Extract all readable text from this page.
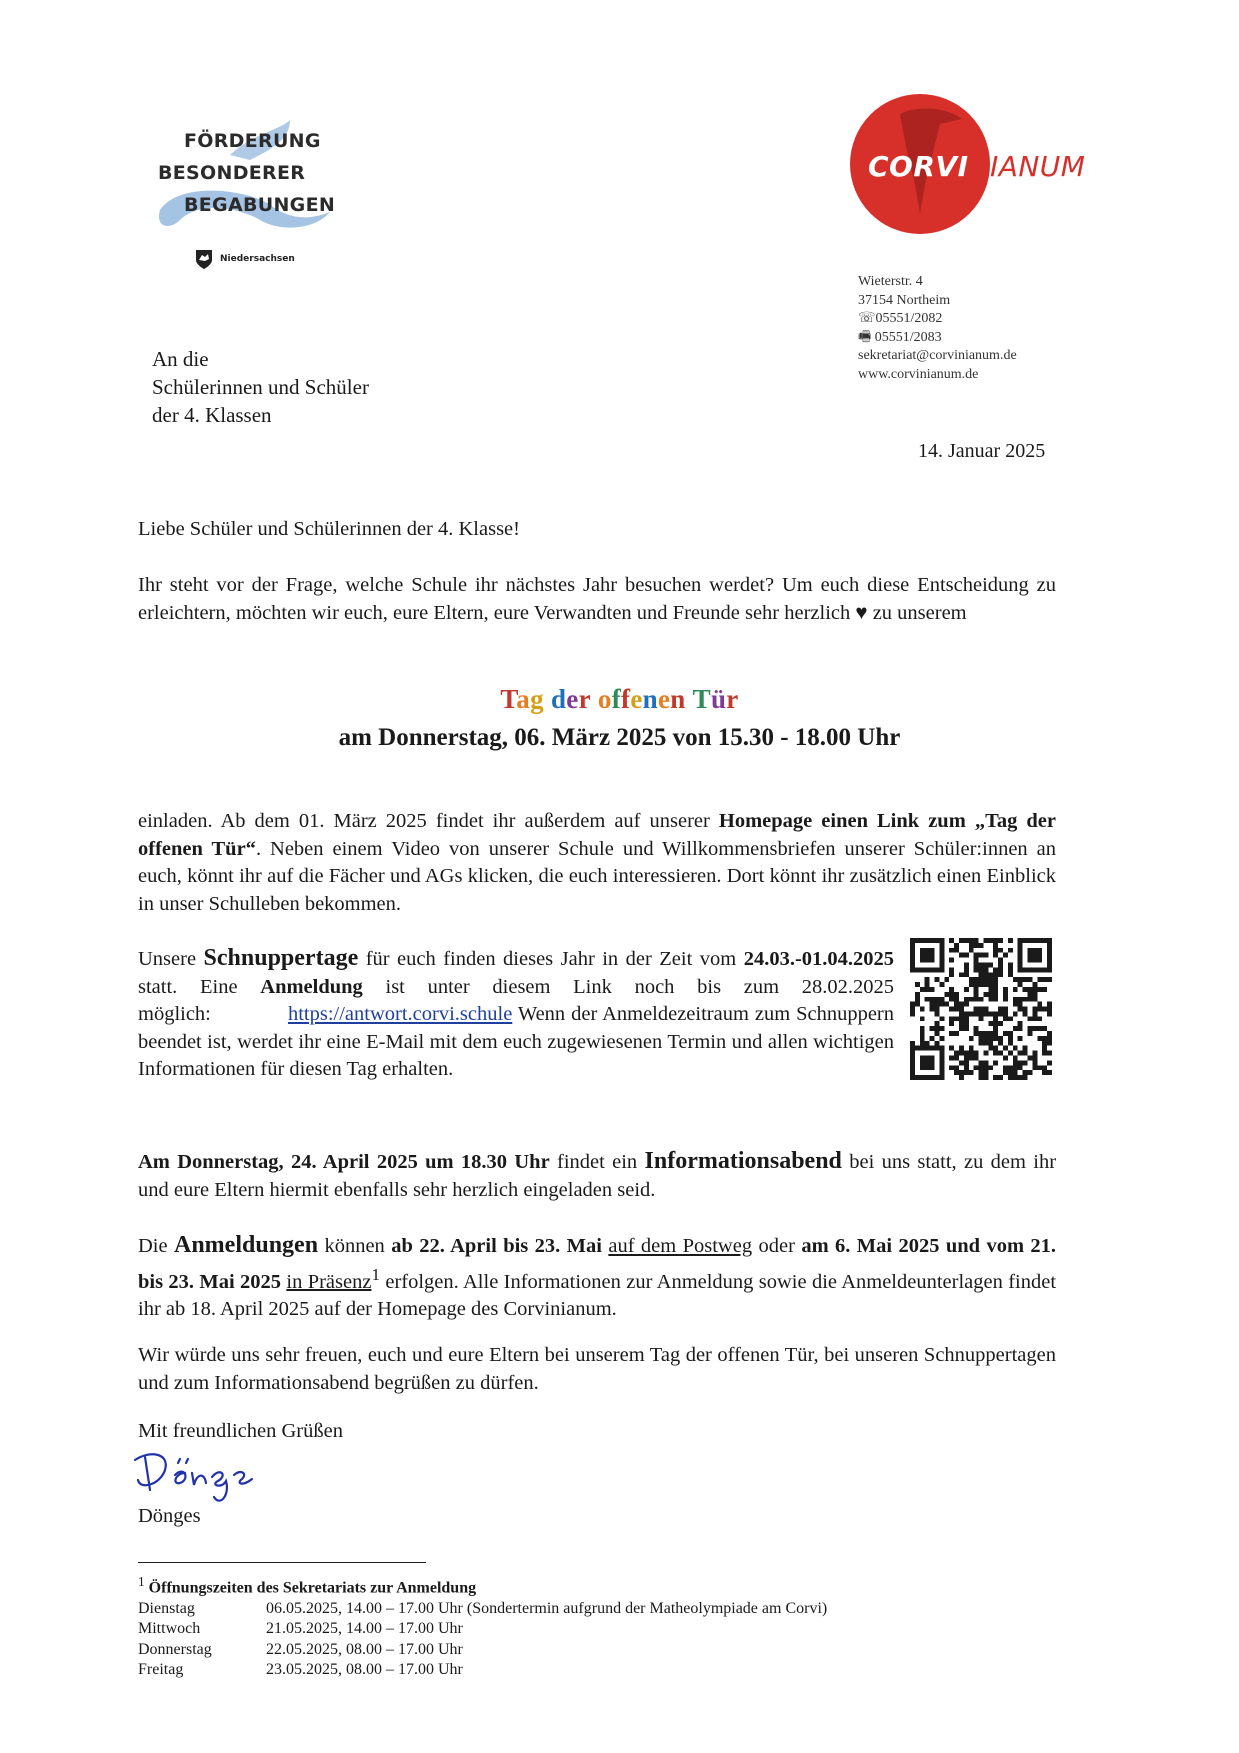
FÖRDERUNG
BESONDERER
BEGABUNGEN
Niedersachsen
CORVINIANUM
Wieterstr. 4
37154 Northeim
☏05551/2082
🖷 05551/2083
sekretariat@corvinianum.de
www.corvinianum.de
An die
Schülerinnen und Schüler
der 4. Klassen
14. Januar 2025
Liebe Schüler und Schülerinnen der 4. Klasse!
Ihr steht vor der Frage, welche Schule ihr nächstes Jahr besuchen werdet? Um euch diese Entscheidung zu erleichtern, möchten wir euch, eure Eltern, eure Verwandten und Freunde sehr herzlich ♥ zu unserem
Tag der offenen Tür
am Donnerstag, 06. März 2025 von 15.30 - 18.00 Uhr
einladen. Ab dem 01. März 2025 findet ihr außerdem auf unserer Homepage einen Link zum „Tag der offenen Tür“. Neben einem Video von unserer Schule und Willkommensbriefen unserer Schüler:innen an euch, könnt ihr auf die Fächer und AGs klicken, die euch interessieren. Dort könnt ihr zusätzlich einen Einblick in unser Schulleben bekommen.
Unsere Schnuppertage für euch finden dieses Jahr in der Zeit vom 24.03.-01.04.2025 statt. Eine Anmeldung ist unter diesem Link noch bis zum 28.02.2025 möglich:	https://antwort.corvi.schule Wenn der Anmeldezeitraum zum Schnuppern beendet ist, werdet ihr eine E-Mail mit dem euch zugewiesenen Termin und allen wichtigen Informationen für diesen Tag erhalten.
Am Donnerstag, 24. April 2025 um 18.30 Uhr findet ein Informationsabend bei uns statt, zu dem ihr und eure Eltern hiermit ebenfalls sehr herzlich eingeladen seid.
Die Anmeldungen können ab 22. April bis 23. Mai auf dem Postweg oder am 6. Mai 2025 und vom 21. bis 23. Mai 2025 in Präsenz$^1$ erfolgen. Alle Informationen zur Anmeldung sowie die Anmeldeunterlagen findet ihr ab 18. April 2025 auf der Homepage des Corvinianum.
Wir würde uns sehr freuen, euch und eure Eltern bei unserem Tag der offenen Tür, bei unseren Schnuppertagen und zum Informationsabend begrüßen zu dürfen.
Mit freundlichen Grüßen
Dönges
$^1$ Öffnungszeiten des Sekretariats zur Anmeldung
Dienstag	06.05.2025, 14.00 – 17.00 Uhr (Sondertermin aufgrund der Matheolympiade am Corvi)
Mittwoch	21.05.2025, 14.00 – 17.00 Uhr
Donnerstag	22.05.2025, 08.00 – 17.00 Uhr
Freitag	23.05.2025, 08.00 – 17.00 Uhr
